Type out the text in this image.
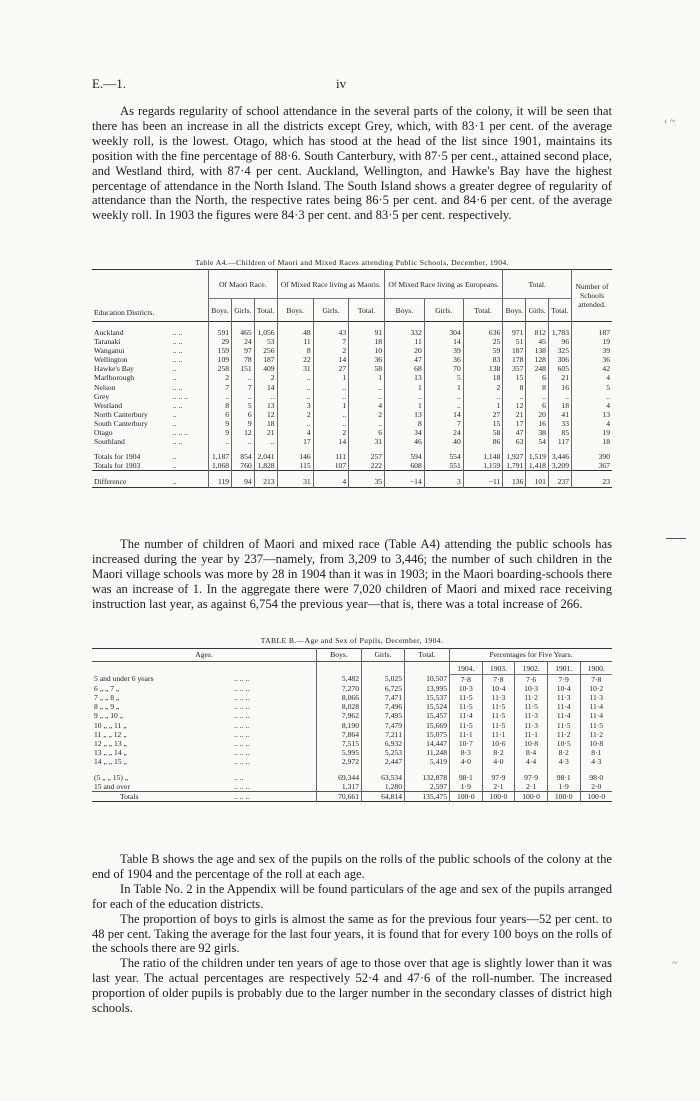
‹ ~
~
E.—1.	iv

As regards regularity of school attendance in the several parts of the colony, it will be seen that there has been an increase in all the districts except Grey, which, with 83·1 per cent. of the average weekly roll, is the lowest. Otago, which has stood at the head of the list since 1901, maintains its position with the fine percentage of 88·6. South Canterbury, with 87·5 per cent., attained second place, and Westland third, with 87·4 per cent. Auckland, Wellington, and Hawke's Bay have the highest percentage of attendance in the North Island. The South Island shows a greater degree of regularity of attendance than the North, the respective rates being 86·5 per cent. and 84·6 per cent. of the average weekly roll. In 1903 the figures were 84·3 per cent. and 83·5 per cent. respectively.

Table A4.—Children of Maori and Mixed Races attending Public Schools, December, 1904.
Education Districts.		Of Maori Race.			Of Mixed Race living as Maoris.			Of Mixed Race living as Europeans.			Total.			Number of Schools attended.
		Boys.	Girls.	Total.	Boys.	Girls.	Total.	Boys.	Girls.	Total.	Boys.	Girls.	Total.	

Auckland	.. ..	591	465	1,056	48	43	91	332	304	636	971	812	1,783	187
Taranaki	.. ..	29	24	53	11	7	18	11	14	25	51	45	96	19
Wanganui	.. ..	159	97	256	8	2	10	20	39	59	187	138	325	39
Wellington	.. ..	109	78	187	22	14	36	47	36	83	178	128	306	36
Hawke's Bay	..	258	151	409	31	27	58	68	70	138	357	248	605	42
Marlborough	..	2	..	2	..	1	1	13	5	18	15	6	21	4
Nelson	.. ..	7	7	14	..	..	..	1	1	2	8	8	16	5
Grey	.. .. ..	..	..	..	..	..	..	..	..	..	..	..	..	..
Westland	.. ..	8	5	13	3	1	4	1	..	1	12	6	18	4
North Canterbury	..	6	6	12	2	..	2	13	14	27	21	20	41	13
South Canterbury	..	9	9	18	..	..	..	8	7	15	17	16	33	4
Otago	.. .. ..	9	12	21	4	2	6	34	24	58	47	38	85	19
Southland	.. ..	..	..	..	17	14	31	46	40	86	63	54	117	18

Totals for 1904	..	1,187	854	2,041	146	111	257	594	554	1,148	1,927	1,519	3,446	390
Totals for 1903	..	1,068	760	1,828	115	107	222	608	551	1,159	1,791	1,418	3,209	367

Difference	..	119	94	213	31	4	35	−14	3	−11	136	101	237	23

The number of children of Maori and mixed race (Table A4) attending the public schools has increased during the year by 237—namely, from 3,209 to 3,446; the number of such children in the Maori village schools was more by 28 in 1904 than it was in 1903; in the Maori boarding-schools there was an increase of 1. In the aggregate there were 7,020 children of Maori and mixed race receiving instruction last year, as against 6,754 the previous year—that is, there was a total increase of 266.

TABLE B.—Age and Sex of Pupils, December, 1904.
Ages.		Boys.	Girls.	Total.	Percentages for Five Years.				
					1904.	1903.	1902.	1901.	1900.
5 and under 6 years	.. .. ..	5,482	5,025	10,507	7·8	7·8	7·6	7·9	7·8
6 „ „ 7 „	.. .. ..	7,270	6,725	13,995	10·3	10·4	10·3	10·4	10·2
7 „ „ 8 „	.. .. ..	8,066	7,471	15,537	11·5	11·3	11·2	11·3	11·3
8 „ „ 9 „	.. .. ..	8,028	7,496	15,524	11·5	11·5	11·5	11·4	11·4
9 „ „ 10 „	.. .. ..	7,962	7,495	15,457	11·4	11·5	11·3	11·4	11·4
10 „ „ 11 „	.. .. ..	8,190	7,479	15,669	11·5	11·5	11·3	11·5	11·5
11 „ „ 12 „	.. .. ..	7,864	7,211	15,075	11·1	11·1	11·1	11·2	11·2
12 „ „ 13 „	.. .. ..	7,515	6,932	14,447	10·7	10·6	10·8	10·5	10·8
13 „ „ 14 „	.. .. ..	5,995	5,253	11,248	8·3	8·2	8·4	8·2	8·1
14 „ „ 15 „	.. .. ..	2,972	2,447	5,419	4·0	4·0	4·4	4·3	4·3

(5 „ „ 15) „	.. ..	69,344	63,534	132,878	98·1	97·9	97·9	98·1	98·0
15 and over	.. .. ..	1,317	1,280	2,597	1·9	2·1	2·1	1·9	2·0
Totals	.. .. ..	70,661	64,814	135,475	100·0	100·0	100·0	100·0	100·0

Table B shows the age and sex of the pupils on the rolls of the public schools of the colony at the end of 1904 and the percentage of the roll at each age.

In Table No. 2 in the Appendix will be found particulars of the age and sex of the pupils arranged for each of the education districts.

The proportion of boys to girls is almost the same as for the previous four years—52 per cent. to 48 per cent. Taking the average for the last four years, it is found that for every 100 boys on the rolls of the schools there are 92 girls.

The ratio of the children under ten years of age to those over that age is slightly lower than it was last year. The actual percentages are respectively 52·4 and 47·6 of the roll-number. The increased proportion of older pupils is probably due to the larger number in the secondary classes of district high schools.
